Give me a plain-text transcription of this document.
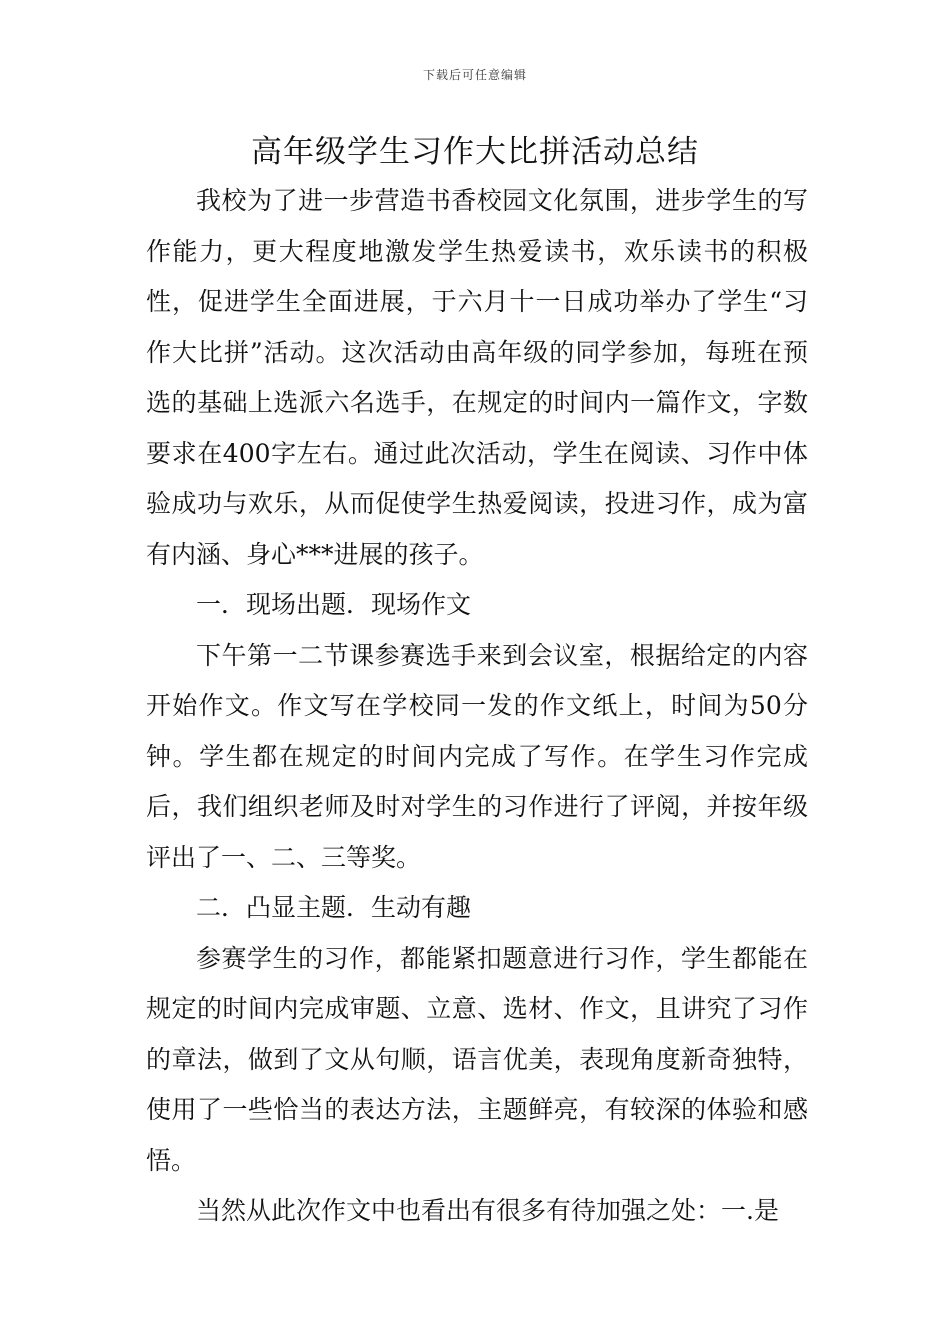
下载后可任意编辑
高年级学生习作大比拼活动总结

我校为了进一步营造书香校园文化氛围，进步学生的写作能力，更大程度地激发学生热爱读书，欢乐读书的积极性，促进学生全面进展，于六月十一日成功举办了学生“习作大比拼”活动。这次活动由高年级的同学参加，每班在预选的基础上选派六名选手，在规定的时间内一篇作文，字数要求在400字左右。通过此次活动，学生在阅读、习作中体验成功与欢乐，从而促使学生热爱阅读，投进习作，成为富有内涵、身心***进展的孩子。

一．现场出题．现场作文

下午第一二节课参赛选手来到会议室，根据给定的内容开始作文。作文写在学校同一发的作文纸上，时间为50分钟。学生都在规定的时间内完成了写作。在学生习作完成后，我们组织老师及时对学生的习作进行了评阅，并按年级评出了一、二、三等奖。

二．凸显主题．生动有趣

参赛学生的习作，都能紧扣题意进行习作，学生都能在规定的时间内完成审题、立意、选材、作文，且讲究了习作的章法，做到了文从句顺，语言优美，表现角度新奇独特，使用了一些恰当的表达方法，主题鲜亮，有较深的体验和感悟。

当然从此次作文中也看出有很多有待加强之处：一.是
